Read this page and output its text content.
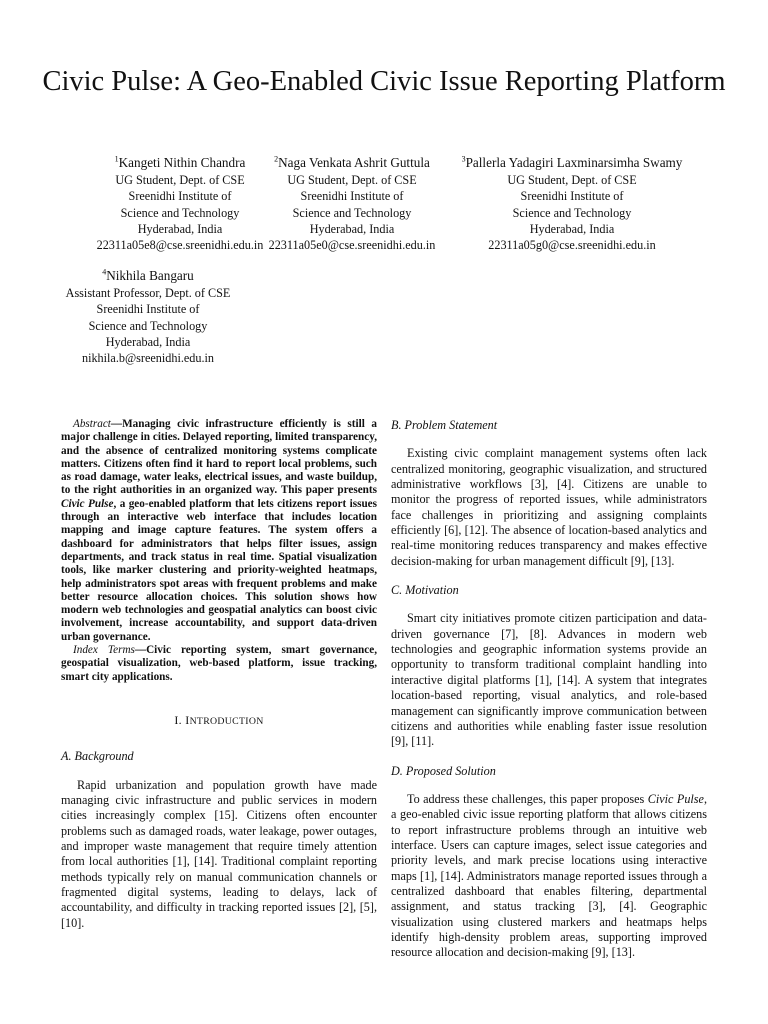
Civic Pulse: A Geo-Enabled Civic Issue Reporting Platform
$^1$Kangeti Nithin Chandra
UG Student, Dept. of CSE
Sreenidhi Institute of
Science and Technology
Hyderabad, India
22311a05e8@cse.sreenidhi.edu.in
$^2$Naga Venkata Ashrit Guttula
UG Student, Dept. of CSE
Sreenidhi Institute of
Science and Technology
Hyderabad, India
22311a05e0@cse.sreenidhi.edu.in
$^3$Pallerla Yadagiri Laxminarsimha Swamy
UG Student, Dept. of CSE
Sreenidhi Institute of
Science and Technology
Hyderabad, India
22311a05g0@cse.sreenidhi.edu.in
$^4$Nikhila Bangaru
Assistant Professor, Dept. of CSE
Sreenidhi Institute of
Science and Technology
Hyderabad, India
nikhila.b@sreenidhi.edu.in

Abstract—Managing civic infrastructure efficiently is still a major challenge in cities. Delayed reporting, limited transparency, and the absence of centralized monitoring systems complicate matters. Citizens often find it hard to report local problems, such as road damage, water leaks, electrical issues, and waste buildup, to the right authorities in an organized way. This paper presents Civic Pulse, a geo-enabled platform that lets citizens report issues through an interactive web interface that includes location mapping and image capture features. The system offers a dashboard for administrators that helps filter issues, assign departments, and track status in real time. Spatial visualization tools, like marker clustering and priority-weighted heatmaps, help administrators spot areas with frequent problems and make better resource allocation choices. This solution shows how modern web technologies and geospatial analytics can boost civic involvement, increase accountability, and support data-driven urban governance.

Index Terms—Civic reporting system, smart governance, geospatial visualization, web-based platform, issue tracking, smart city applications.

I. INTRODUCTION
A. Background

Rapid urbanization and population growth have made managing civic infrastructure and public services in modern cities increasingly complex [15]. Citizens often encounter problems such as damaged roads, water leakage, power outages, and improper waste management that require timely attention from local authorities [1], [14]. Traditional complaint reporting methods typically rely on manual communication channels or fragmented digital systems, leading to delays, lack of accountability, and difficulty in tracking reported issues [2], [5], [10].

B. Problem Statement

Existing civic complaint management systems often lack centralized monitoring, geographic visualization, and structured administrative workflows [3], [4]. Citizens are unable to monitor the progress of reported issues, while administrators face challenges in prioritizing and assigning complaints efficiently [6], [12]. The absence of location-based analytics and real-time monitoring reduces transparency and makes effective decision-making for urban management difficult [9], [13].

C. Motivation

Smart city initiatives promote citizen participation and data-driven governance [7], [8]. Advances in modern web technologies and geographic information systems provide an opportunity to transform traditional complaint handling into interactive digital platforms [1], [14]. A system that integrates location-based reporting, visual analytics, and role-based management can significantly improve communication between citizens and authorities while enabling faster issue resolution [9], [11].

D. Proposed Solution

To address these challenges, this paper proposes Civic Pulse, a geo-enabled civic issue reporting platform that allows citizens to report infrastructure problems through an intuitive web interface. Users can capture images, select issue categories and priority levels, and mark precise locations using interactive maps [1], [14]. Administrators manage reported issues through a centralized dashboard that enables filtering, departmental assignment, and status tracking [3], [4]. Geographic visualization using clustered markers and heatmaps helps identify high-density problem areas, supporting improved resource allocation and decision-making [9], [13].
